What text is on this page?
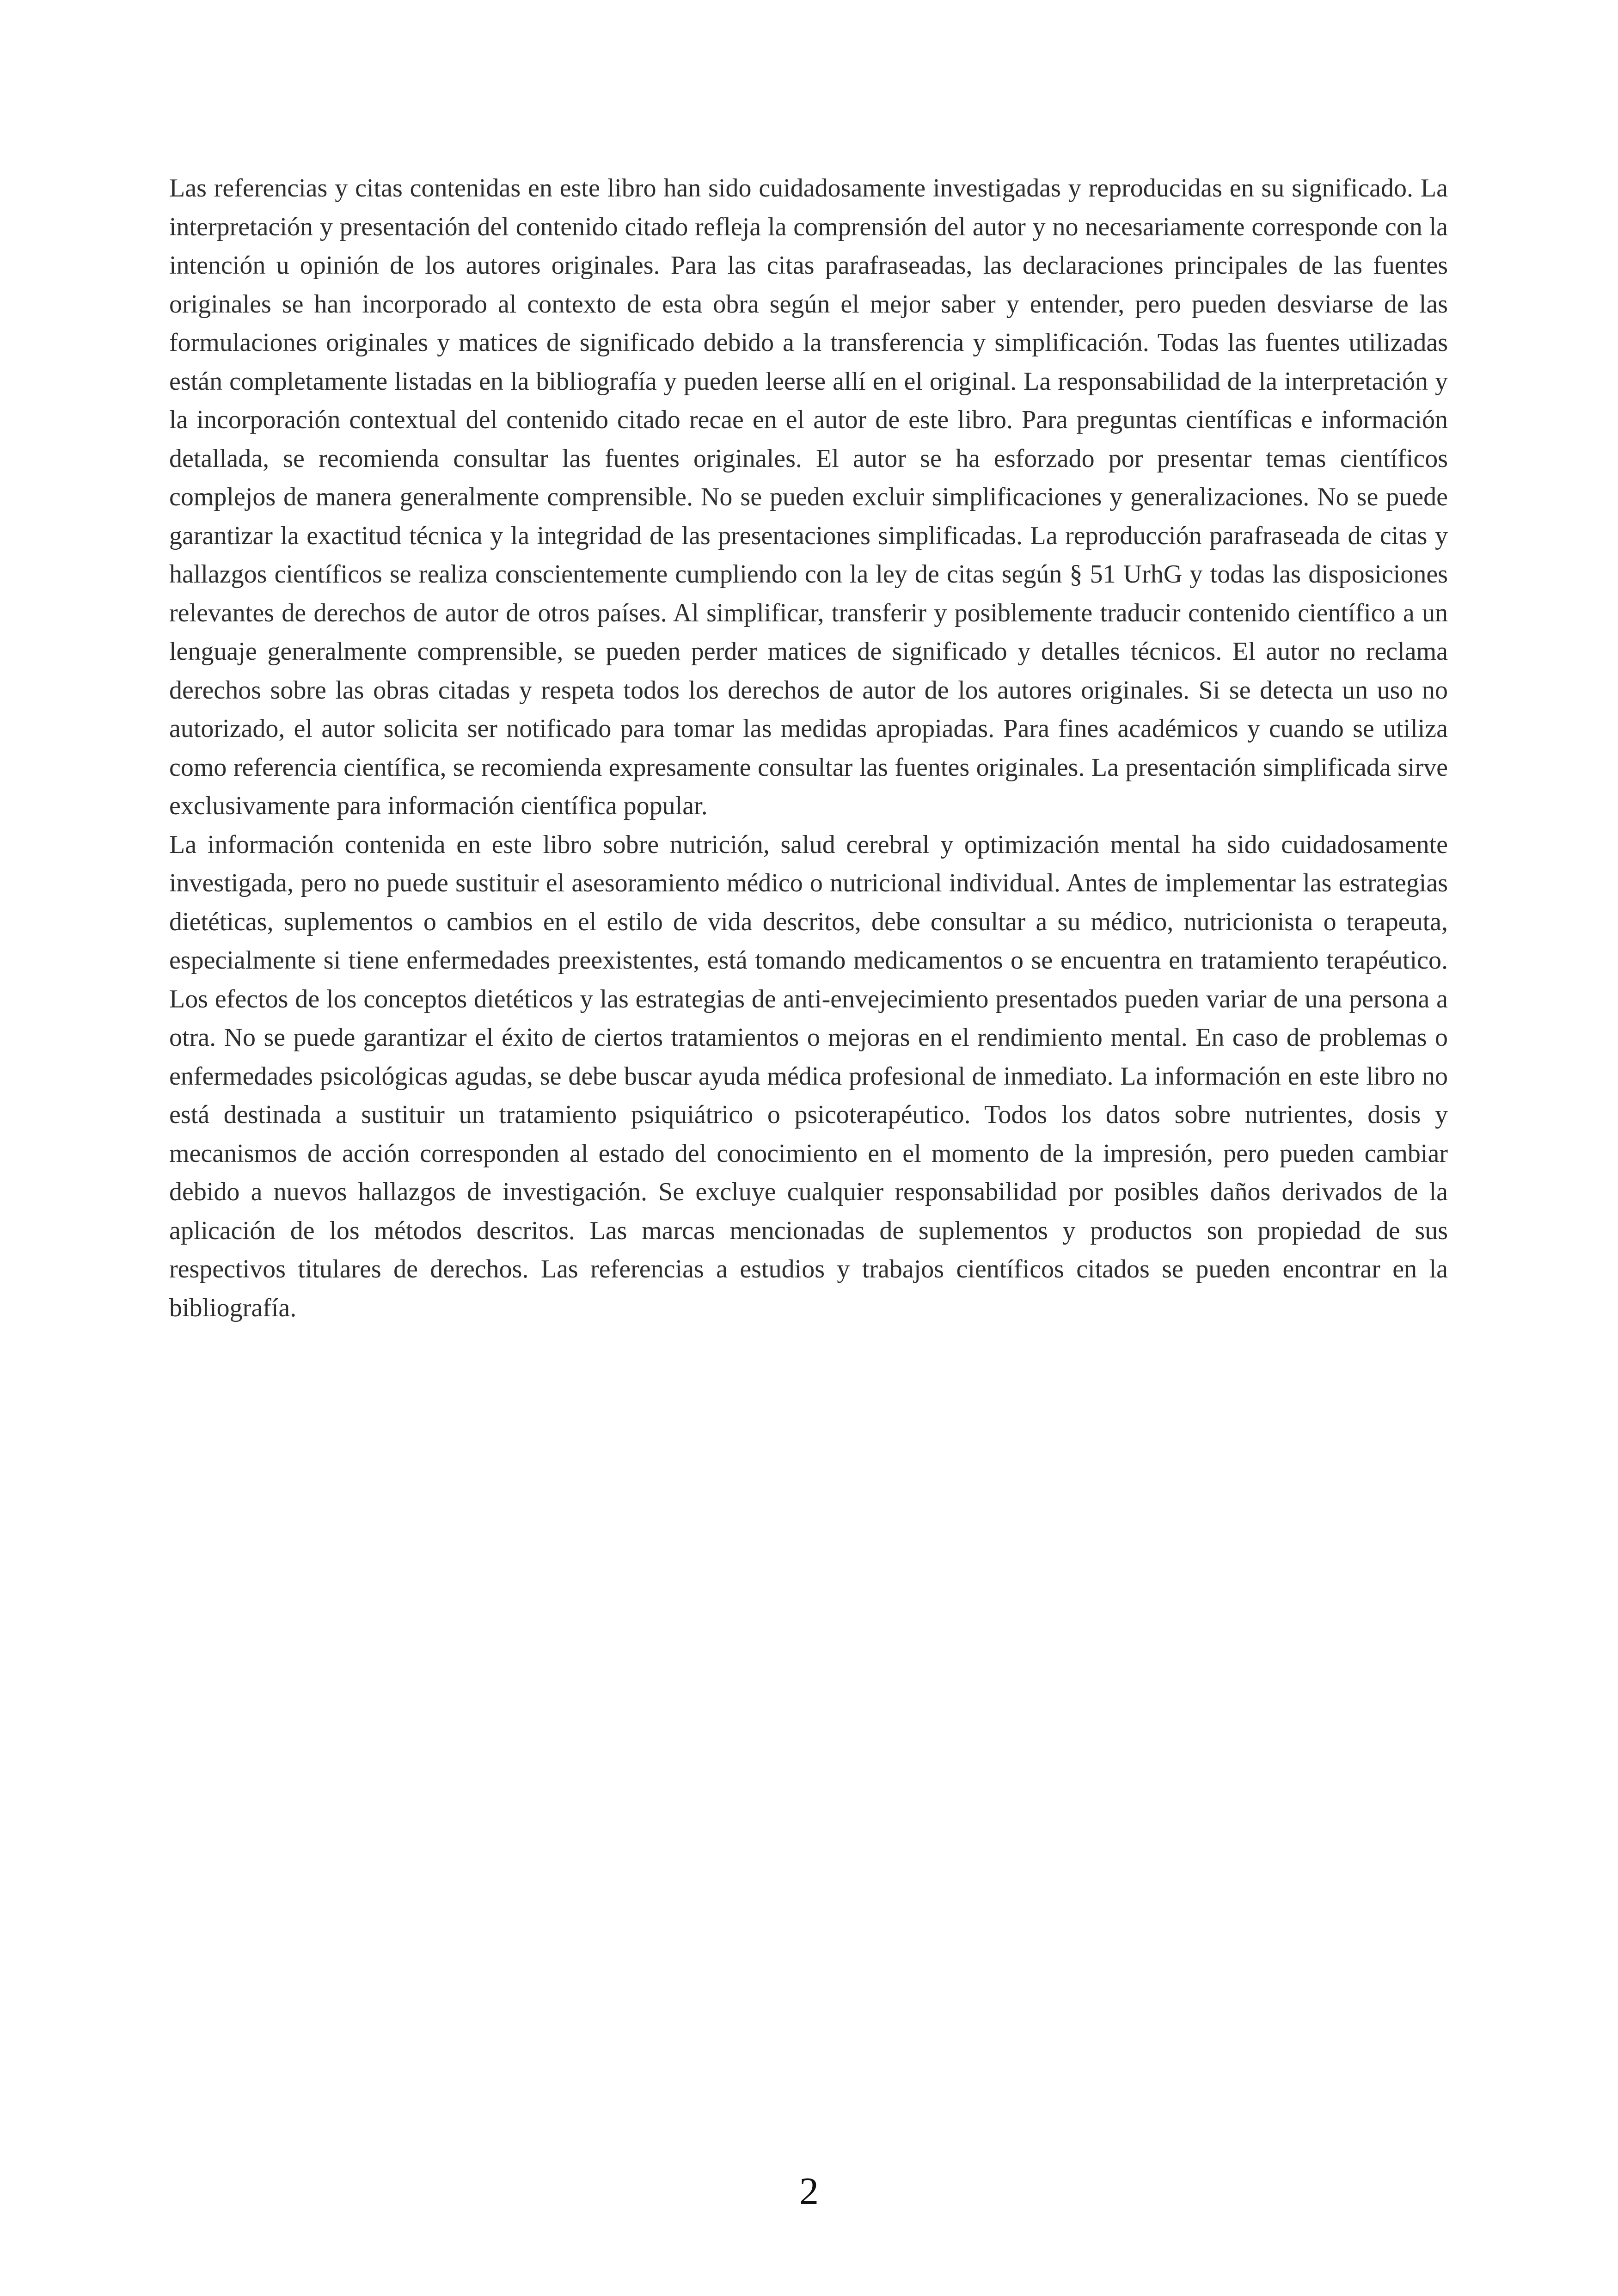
Las referencias y citas contenidas en este libro han sido cuidadosamente investigadas y reproducidas en su significado. La interpretación y presentación del contenido citado refleja la comprensión del autor y no necesariamente corresponde con la intención u opinión de los autores originales. Para las citas parafraseadas, las declaraciones principales de las fuentes originales se han incorporado al contexto de esta obra según el mejor saber y entender, pero pueden desviarse de las formulaciones originales y matices de significado debido a la transferencia y simplificación. Todas las fuentes utilizadas están completamente listadas en la bibliografía y pueden leerse allí en el original. La responsabilidad de la interpretación y la incorporación contextual del contenido citado recae en el autor de este libro. Para preguntas científicas e información detallada, se recomienda consultar las fuentes originales. El autor se ha esforzado por presentar temas científicos complejos de manera generalmente comprensible. No se pueden excluir simplificaciones y generalizaciones. No se puede garantizar la exactitud técnica y la integridad de las presentaciones simplificadas. La reproducción parafraseada de citas y hallazgos científicos se realiza conscientemente cumpliendo con la ley de citas según § 51 UrhG y todas las disposiciones relevantes de derechos de autor de otros países. Al simplificar, transferir y posiblemente traducir contenido científico a un lenguaje generalmente comprensible, se pueden perder matices de significado y detalles técnicos. El autor no reclama derechos sobre las obras citadas y respeta todos los derechos de autor de los autores originales. Si se detecta un uso no autorizado, el autor solicita ser notificado para tomar las medidas apropiadas. Para fines académicos y cuando se utiliza como referencia científica, se recomienda expresamente consultar las fuentes originales. La presentación simplificada sirve exclusivamente para información científica popular.

La información contenida en este libro sobre nutrición, salud cerebral y optimización mental ha sido cuidadosamente investigada, pero no puede sustituir el asesoramiento médico o nutricional individual. Antes de implementar las estrategias dietéticas, suplementos o cambios en el estilo de vida descritos, debe consultar a su médico, nutricionista o terapeuta, especialmente si tiene enfermedades preexistentes, está tomando medicamentos o se encuentra en tratamiento terapéutico. Los efectos de los conceptos dietéticos y las estrategias de anti-envejecimiento presentados pueden variar de una persona a otra. No se puede garantizar el éxito de ciertos tratamientos o mejoras en el rendimiento mental. En caso de problemas o enfermedades psicológicas agudas, se debe buscar ayuda médica profesional de inmediato. La información en este libro no está destinada a sustituir un tratamiento psiquiátrico o psicoterapéutico. Todos los datos sobre nutrientes, dosis y mecanismos de acción corresponden al estado del conocimiento en el momento de la impresión, pero pueden cambiar debido a nuevos hallazgos de investigación. Se excluye cualquier responsabilidad por posibles daños derivados de la aplicación de los métodos descritos. Las marcas mencionadas de suplementos y productos son propiedad de sus respectivos titulares de derechos. Las referencias a estudios y trabajos científicos citados se pueden encontrar en la bibliografía.

2
